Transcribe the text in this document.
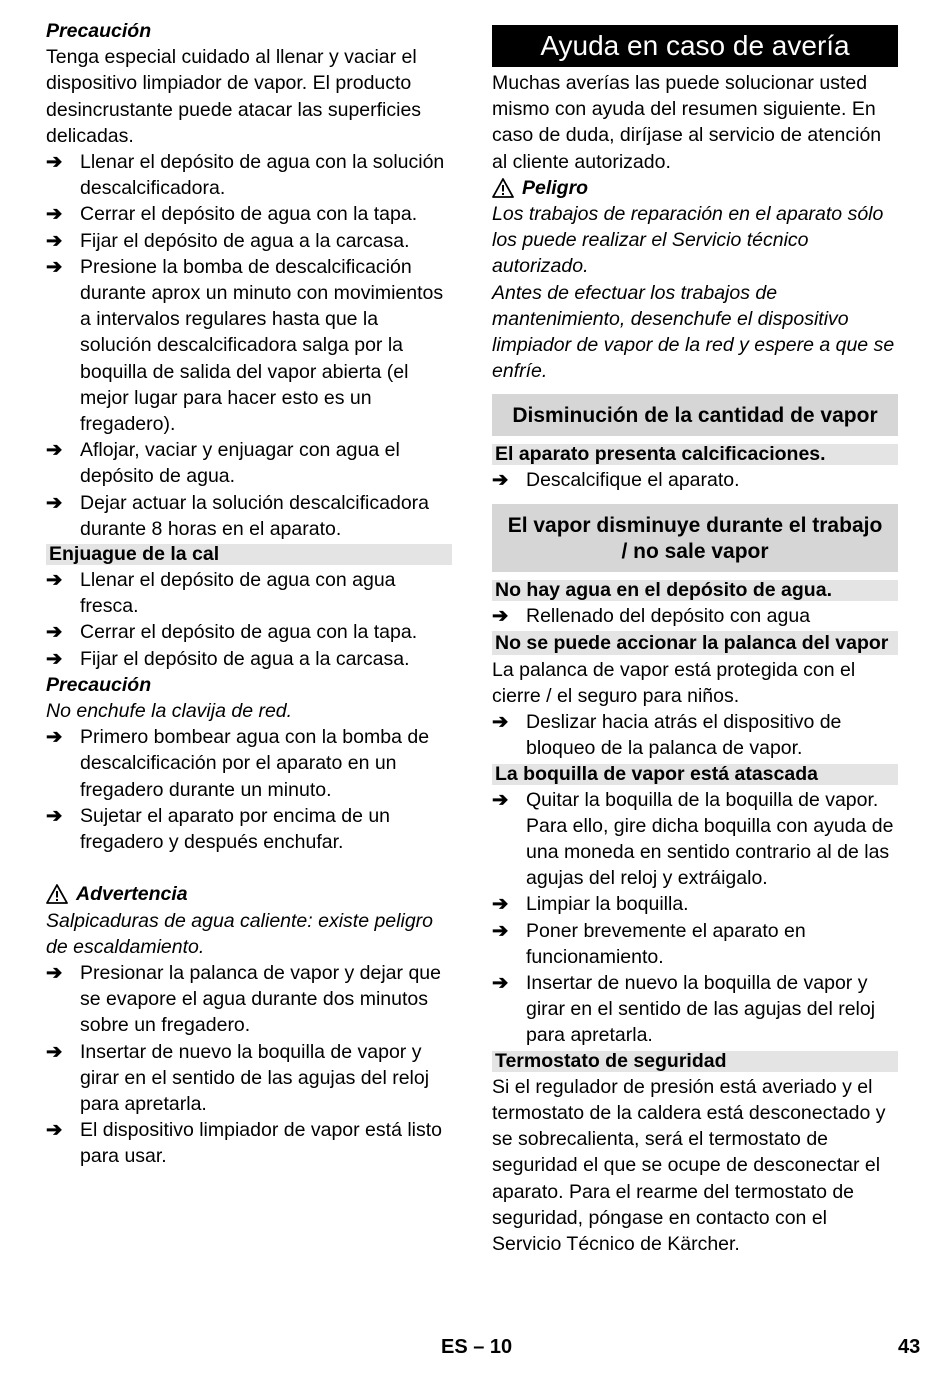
Precaución

Tenga especial cuidado al llenar y vaciar el dispositivo limpiador de vapor. El producto desincrustante puede atacar las superficies delicadas.

➔ Llenar el depósito de agua con la solución descalcificadora.
➔ Cerrar el depósito de agua con la tapa.
➔ Fijar el depósito de agua a la carcasa.
➔ Presione la bomba de descalcificación durante aprox un minuto con movimientos a intervalos regulares hasta que la solución descalcificadora salga por la boquilla de salida del vapor abierta (el mejor lugar para hacer esto es un fregadero).
➔ Aflojar, vaciar y enjuagar con agua el depósito de agua.
➔ Dejar actuar la solución descalcificadora durante 8 horas en el aparato.
Enjuague de la cal
➔ Llenar el depósito de agua con agua fresca.
➔ Cerrar el depósito de agua con la tapa.
➔ Fijar el depósito de agua a la carcasa.

Precaución

No enchufe la clavija de red.

➔ Primero bombear agua con la bomba de descalcificación por el aparato en un fregadero durante un minuto.
➔ Sujetar el aparato por encima de un fregadero y después enchufar.

Advertencia

Salpicaduras de agua caliente: existe peligro de escaldamiento.

➔ Presionar la palanca de vapor y dejar que se evapore el agua durante dos minutos sobre un fregadero.
➔ Insertar de nuevo la boquilla de vapor y girar en el sentido de las agujas del reloj para apretarla.
➔ El dispositivo limpiador de vapor está listo para usar.
Ayuda en caso de avería

Muchas averías las puede solucionar usted mismo con ayuda del resumen siguiente. En caso de duda, diríjase al servicio de atención al cliente autorizado.

Peligro

Los trabajos de reparación en el aparato sólo los puede realizar el Servicio técnico autorizado.

Antes de efectuar los trabajos de mantenimiento, desenchufe el dispositivo limpiador de vapor de la red y espere a que se enfríe.

Disminución de la cantidad de vapor
El aparato presenta calcificaciones.
➔ Descalcifique el aparato.
El vapor disminuye durante el trabajo / no sale vapor
No hay agua en el depósito de agua.
➔ Rellenado del depósito con agua
No se puede accionar la palanca del vapor

La palanca de vapor está protegida con el cierre / el seguro para niños.

➔ Deslizar hacia atrás el dispositivo de bloqueo de la palanca de vapor.
La boquilla de vapor está atascada
➔ Quitar la boquilla de la boquilla de vapor. Para ello, gire dicha boquilla con ayuda de una moneda en sentido contrario al de las agujas del reloj y extráigalo.
➔ Limpiar la boquilla.
➔ Poner brevemente el aparato en funcionamiento.
➔ Insertar de nuevo la boquilla de vapor y girar en el sentido de las agujas del reloj para apretarla.
Termostato de seguridad

Si el regulador de presión está averiado y el termostato de la caldera está desconectado y se sobrecalienta, será el termostato de seguridad el que se ocupe de desconectar el aparato. Para el rearme del termostato de seguridad, póngase en contacto con el Servicio Técnico de Kärcher.

ES – 10	43
